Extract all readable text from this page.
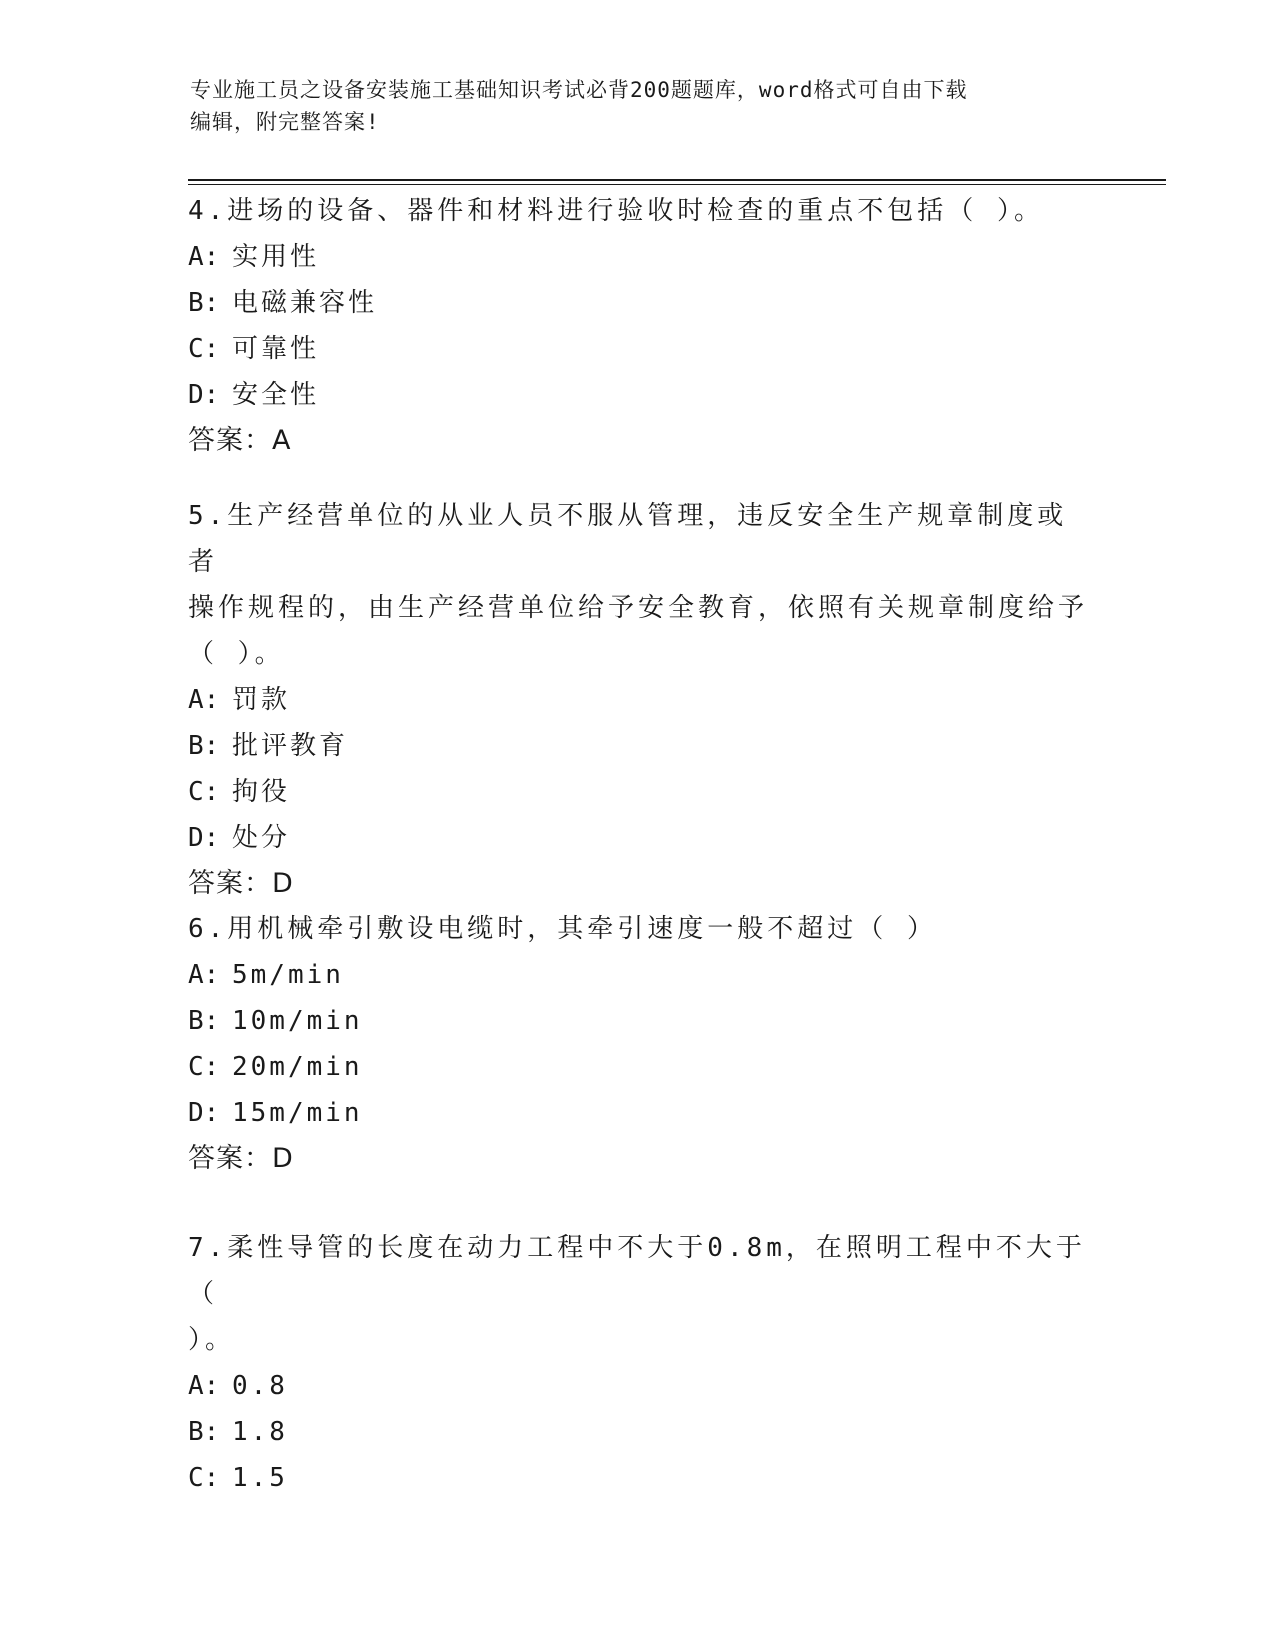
专业施工员之设备安装施工基础知识考试必背200题题库，word格式可自由下载
编辑，附完整答案!

4.进场的设备、器件和材料进行验收时检查的重点不包括（ ）。

A: 实用性

B: 电磁兼容性

C: 可靠性

D: 安全性

答案：A

5.生产经营单位的从业人员不服从管理，违反安全生产规章制度或者

操作规程的，由生产经营单位给予安全教育，依照有关规章制度给予

（ ）。

A: 罚款

B: 批评教育

C: 拘役

D: 处分

答案：D

6.用机械牵引敷设电缆时，其牵引速度一般不超过（ ）

A: 5m/min

B: 10m/min

C: 20m/min

D: 15m/min

答案：D

7.柔性导管的长度在动力工程中不大于0.8m，在照明工程中不大于（

）。

A: 0.8

B: 1.8

C: 1.5
